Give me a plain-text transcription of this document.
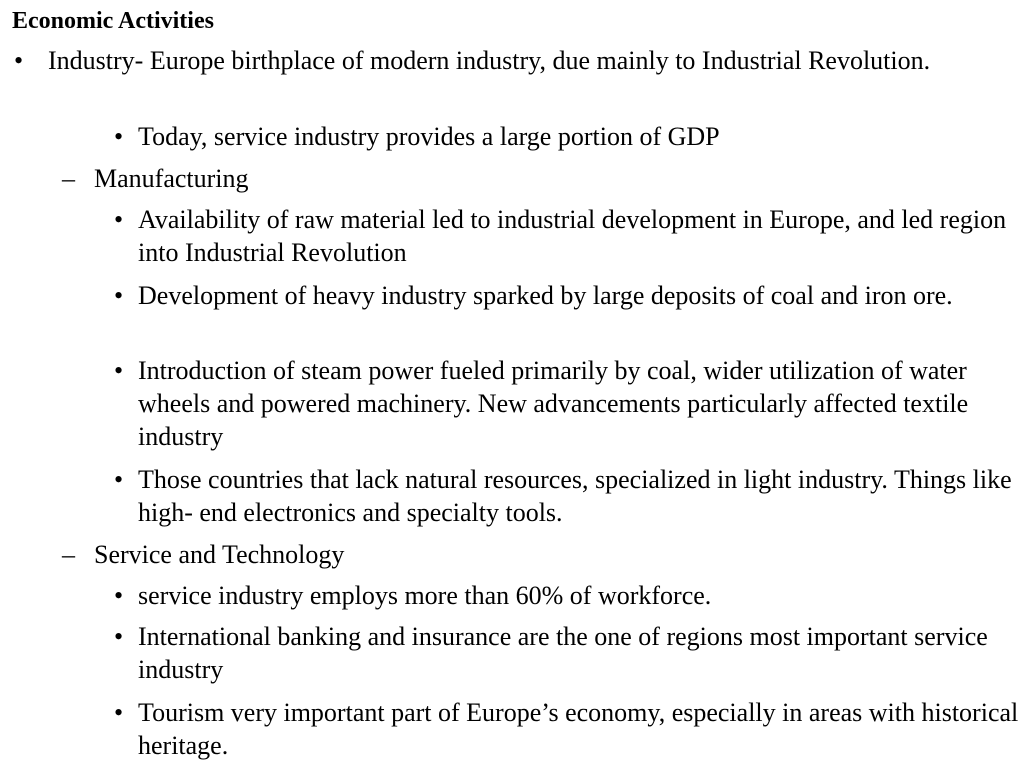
Economic Activities
• Industry- Europe birthplace of modern industry, due mainly to Industrial Revolution.
• Today, service industry provides a large portion of GDP
– Manufacturing
• Availability of raw material led to industrial development in Europe, and led region into Industrial Revolution
• Development of heavy industry sparked by large deposits of coal and iron ore.
• Introduction of steam power fueled primarily by coal, wider utilization of water wheels and powered machinery. New advancements particularly affected textile industry
• Those countries that lack natural resources, specialized in light industry. Things like high- end electronics and specialty tools.
– Service and Technology
• service industry employs more than 60% of workforce.
• International banking and insurance are the one of regions most important service industry
• Tourism very important part of Europe’s economy, especially in areas with historical heritage.
